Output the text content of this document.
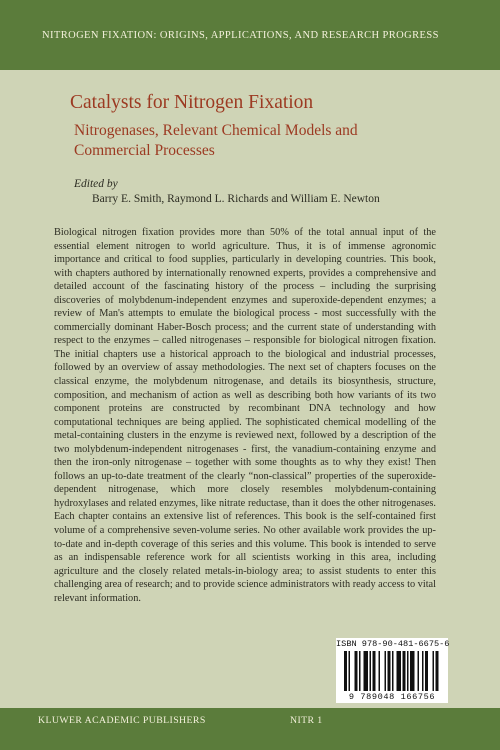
NITROGEN FIXATION: ORIGINS, APPLICATIONS, AND RESEARCH PROGRESS
Catalysts for Nitrogen Fixation
Nitrogenases, Relevant Chemical Models and Commercial Processes
Edited by
Barry E. Smith, Raymond L. Richards and William E. Newton

Biological nitrogen fixation provides more than 50% of the total annual input of the essential element nitrogen to world agriculture. Thus, it is of immense agronomic importance and critical to food supplies, particularly in developing countries. This book, with chapters authored by internationally renowned experts, provides a comprehensive and detailed account of the fascinating history of the process – including the surprising discoveries of molybdenum-independent enzymes and superoxide-dependent enzymes; a review of Man's attempts to emulate the biological process - most successfully with the commercially dominant Haber-Bosch process; and the current state of understanding with respect to the enzymes – called nitrogenases – responsible for biological nitrogen fixation. The initial chapters use a historical approach to the biological and industrial processes, followed by an overview of assay methodologies. The next set of chapters focuses on the classical enzyme, the molybdenum nitrogenase, and details its biosynthesis, structure, composition, and mechanism of action as well as describing both how variants of its two component proteins are constructed by recombinant DNA technology and how computational techniques are being applied. The sophisticated chemical modelling of the metal-containing clusters in the enzyme is reviewed next, followed by a description of the two molybdenum-independent nitrogenases - first, the vanadium-containing enzyme and then the iron-only nitrogenase – together with some thoughts as to why they exist! Then follows an up-to-date treatment of the clearly “non-classical” properties of the superoxide-dependent nitrogenase, which more closely resembles molybdenum-containing hydroxylases and related enzymes, like nitrate reductase, than it does the other nitrogenases. Each chapter contains an extensive list of references. This book is the self-contained first volume of a comprehensive seven-volume series. No other available work provides the up-to-date and in-depth coverage of this series and this volume. This book is intended to serve as an indispensable reference work for all scientists working in this area, including agriculture and the closely related metals-in-biology area; to assist students to enter this challenging area of research; and to provide science administrators with ready access to vital relevant information.

ISBN 978-90-481-6675-6
9 789048 166756
KLUWER ACADEMIC PUBLISHERS	NITR 1
